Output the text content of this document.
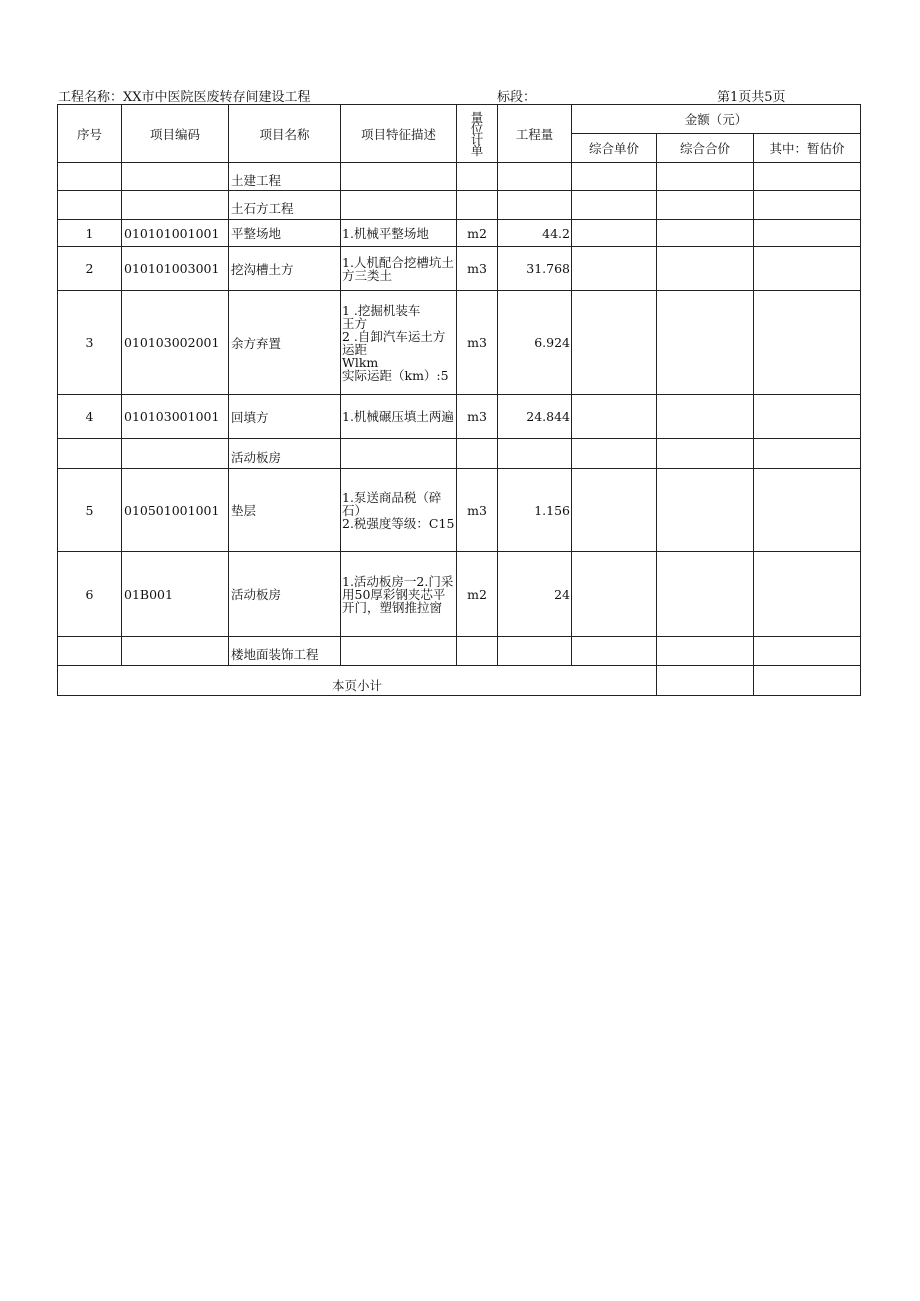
工程名称：XX市中医院医废转存间建设工程	标段：	第1页共5页
序号	项目编码	项目名称	项目特征描述	量
位
计
单	工程量	金额（元）		
						综合单价	综合合价	其中：暂估价
		土建工程						
		土石方工程						
1	010101001001	平整场地	1.机械平整场地	m2	44.2			
2	010101003001	挖沟槽土方	1.人机配合挖槽坑土方三类土	m3	31.768			
3	010103002001	余方弃置	1 .挖掘机装车
王方
2 .自卸汽车运土方运距
Wlkm
实际运距（km）:5	m3	6.924			
4	010103001001	回填方	1.机械碾压填土两遍	m3	24.844			
		活动板房						
5	010501001001	垫层	1.泵送商品税（碎石）
2.税强度等级：C15	m3	1.156			
6	01B001	活动板房	1.活动板房一2.门采用50厚彩钢夹芯平开门，塑钢推拉窗	m2	24			
		楼地面装饰工程						
本页小计								
